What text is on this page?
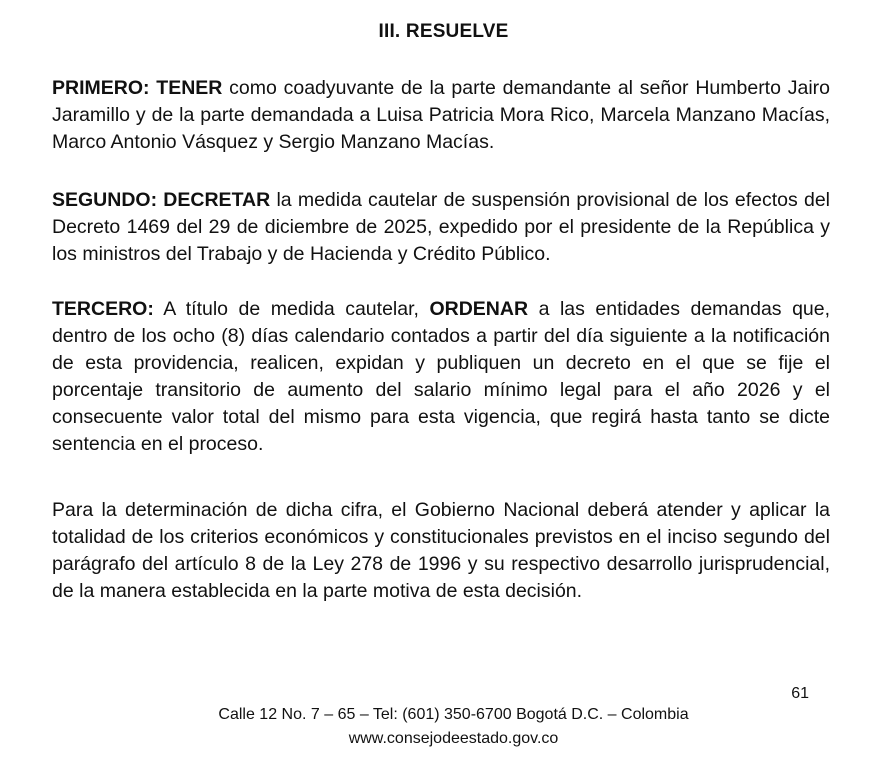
III. RESUELVE
PRIMERO: TENER como coadyuvante de la parte demandante al señor Humberto Jairo Jaramillo y de la parte demandada a Luisa Patricia Mora Rico, Marcela Manzano Macías, Marco Antonio Vásquez y Sergio Manzano Macías.
SEGUNDO: DECRETAR la medida cautelar de suspensión provisional de los efectos del Decreto 1469 del 29 de diciembre de 2025, expedido por el presidente de la República y los ministros del Trabajo y de Hacienda y Crédito Público.
TERCERO: A título de medida cautelar, ORDENAR a las entidades demandas que, dentro de los ocho (8) días calendario contados a partir del día siguiente a la notificación de esta providencia, realicen, expidan y publiquen un decreto en el que se fije el porcentaje transitorio de aumento del salario mínimo legal para el año 2026 y el consecuente valor total del mismo para esta vigencia, que regirá hasta tanto se dicte sentencia en el proceso.
Para la determinación de dicha cifra, el Gobierno Nacional deberá atender y aplicar la totalidad de los criterios económicos y constitucionales previstos en el inciso segundo del parágrafo del artículo 8 de la Ley 278 de 1996 y su respectivo desarrollo jurisprudencial, de la manera establecida en la parte motiva de esta decisión.
61
Calle 12 No. 7 – 65 – Tel: (601) 350-6700 Bogotá D.C. – Colombia
www.consejodeestado.gov.co
